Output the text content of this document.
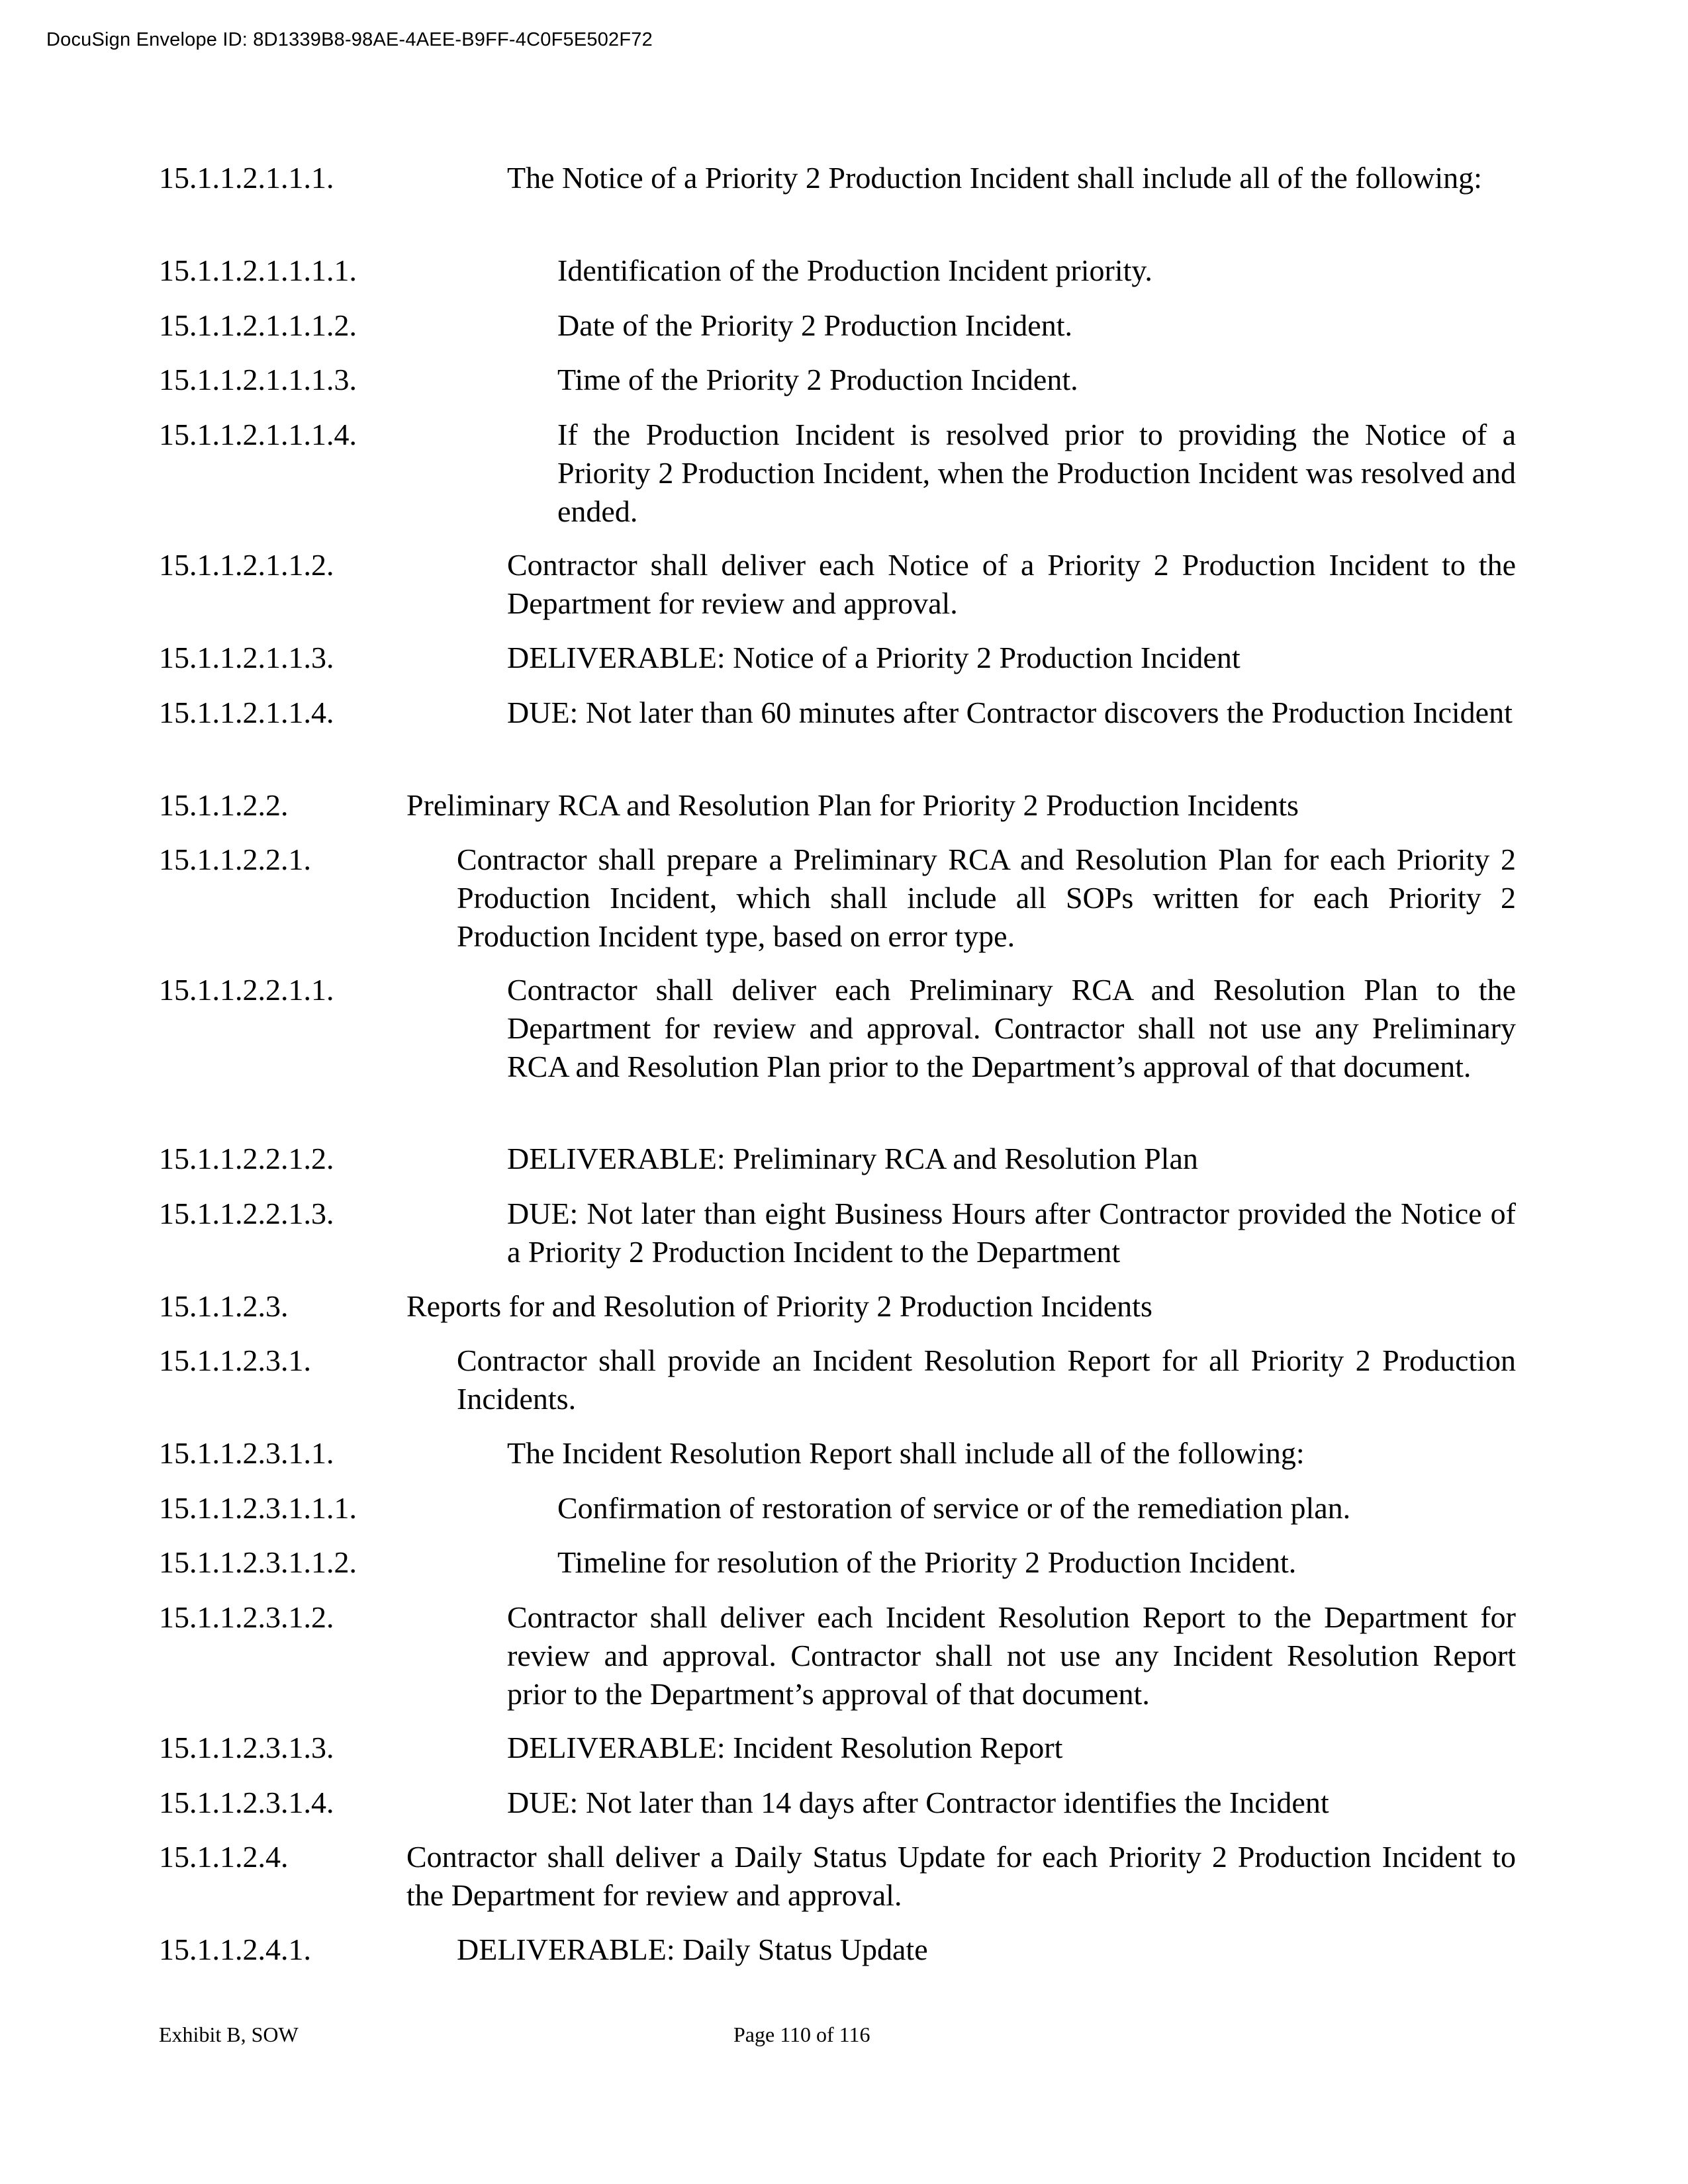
DocuSign Envelope ID: 8D1339B8-98AE-4AEE-B9FF-4C0F5E502F72
15.1.1.2.1.1.1.	The Notice of a Priority 2 Production Incident shall include all of the following:
15.1.1.2.1.1.1.1.	Identification of the Production Incident priority.
15.1.1.2.1.1.1.2.	Date of the Priority 2 Production Incident.
15.1.1.2.1.1.1.3.	Time of the Priority 2 Production Incident.
15.1.1.2.1.1.1.4.	If the Production Incident is resolved prior to providing the Notice of a Priority 2 Production Incident, when the Production Incident was resolved and ended.
15.1.1.2.1.1.2.	Contractor shall deliver each Notice of a Priority 2 Production Incident to the Department for review and approval.
15.1.1.2.1.1.3.	DELIVERABLE: Notice of a Priority 2 Production Incident
15.1.1.2.1.1.4.	DUE: Not later than 60 minutes after Contractor discovers the Production Incident
15.1.1.2.2.	Preliminary RCA and Resolution Plan for Priority 2 Production Incidents
15.1.1.2.2.1.	Contractor shall prepare a Preliminary RCA and Resolution Plan for each Priority 2 Production Incident, which shall include all SOPs written for each Priority 2 Production Incident type, based on error type.
15.1.1.2.2.1.1.	Contractor shall deliver each Preliminary RCA and Resolution Plan to the Department for review and approval. Contractor shall not use any Preliminary RCA and Resolution Plan prior to the Department’s approval of that document.
15.1.1.2.2.1.2.	DELIVERABLE: Preliminary RCA and Resolution Plan
15.1.1.2.2.1.3.	DUE: Not later than eight Business Hours after Contractor provided the Notice of a Priority 2 Production Incident to the Department
15.1.1.2.3.	Reports for and Resolution of Priority 2 Production Incidents
15.1.1.2.3.1.	Contractor shall provide an Incident Resolution Report for all Priority 2 Production Incidents.
15.1.1.2.3.1.1.	The Incident Resolution Report shall include all of the following:
15.1.1.2.3.1.1.1.	Confirmation of restoration of service or of the remediation plan.
15.1.1.2.3.1.1.2.	Timeline for resolution of the Priority 2 Production Incident.
15.1.1.2.3.1.2.	Contractor shall deliver each Incident Resolution Report to the Department for review and approval. Contractor shall not use any Incident Resolution Report prior to the Department’s approval of that document.
15.1.1.2.3.1.3.	DELIVERABLE: Incident Resolution Report
15.1.1.2.3.1.4.	DUE: Not later than 14 days after Contractor identifies the Incident
15.1.1.2.4.	Contractor shall deliver a Daily Status Update for each Priority 2 Production Incident to the Department for review and approval.
15.1.1.2.4.1.	DELIVERABLE: Daily Status Update
Exhibit B, SOW	Page 110 of 116
